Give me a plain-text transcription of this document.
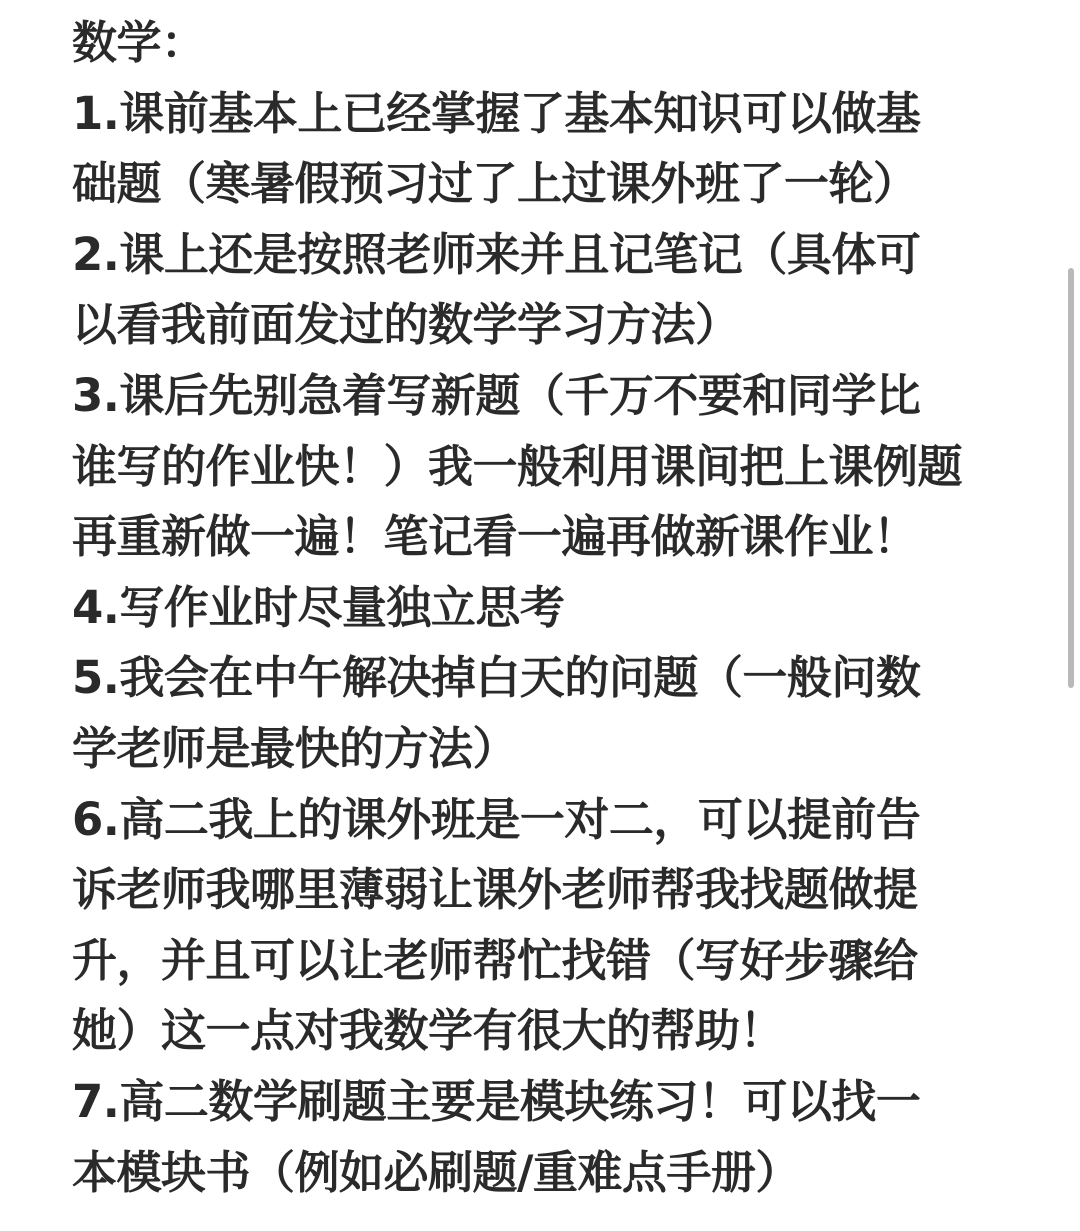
数学：
1.课前基本上已经掌握了基本知识可以做基
础题（寒暑假预习过了上过课外班了一轮）
2.课上还是按照老师来并且记笔记（具体可
以看我前面发过的数学学习方法）
3.课后先别急着写新题（千万不要和同学比
谁写的作业快！）我一般利用课间把上课例题
再重新做一遍！笔记看一遍再做新课作业！
4.写作业时尽量独立思考
5.我会在中午解决掉白天的问题（一般问数
学老师是最快的方法）
6.高二我上的课外班是一对二，可以提前告
诉老师我哪里薄弱让课外老师帮我找题做提
升，并且可以让老师帮忙找错（写好步骤给
她）这一点对我数学有很大的帮助！
7.高二数学刷题主要是模块练习！可以找一
本模块书（例如必刷题/重难点手册）
